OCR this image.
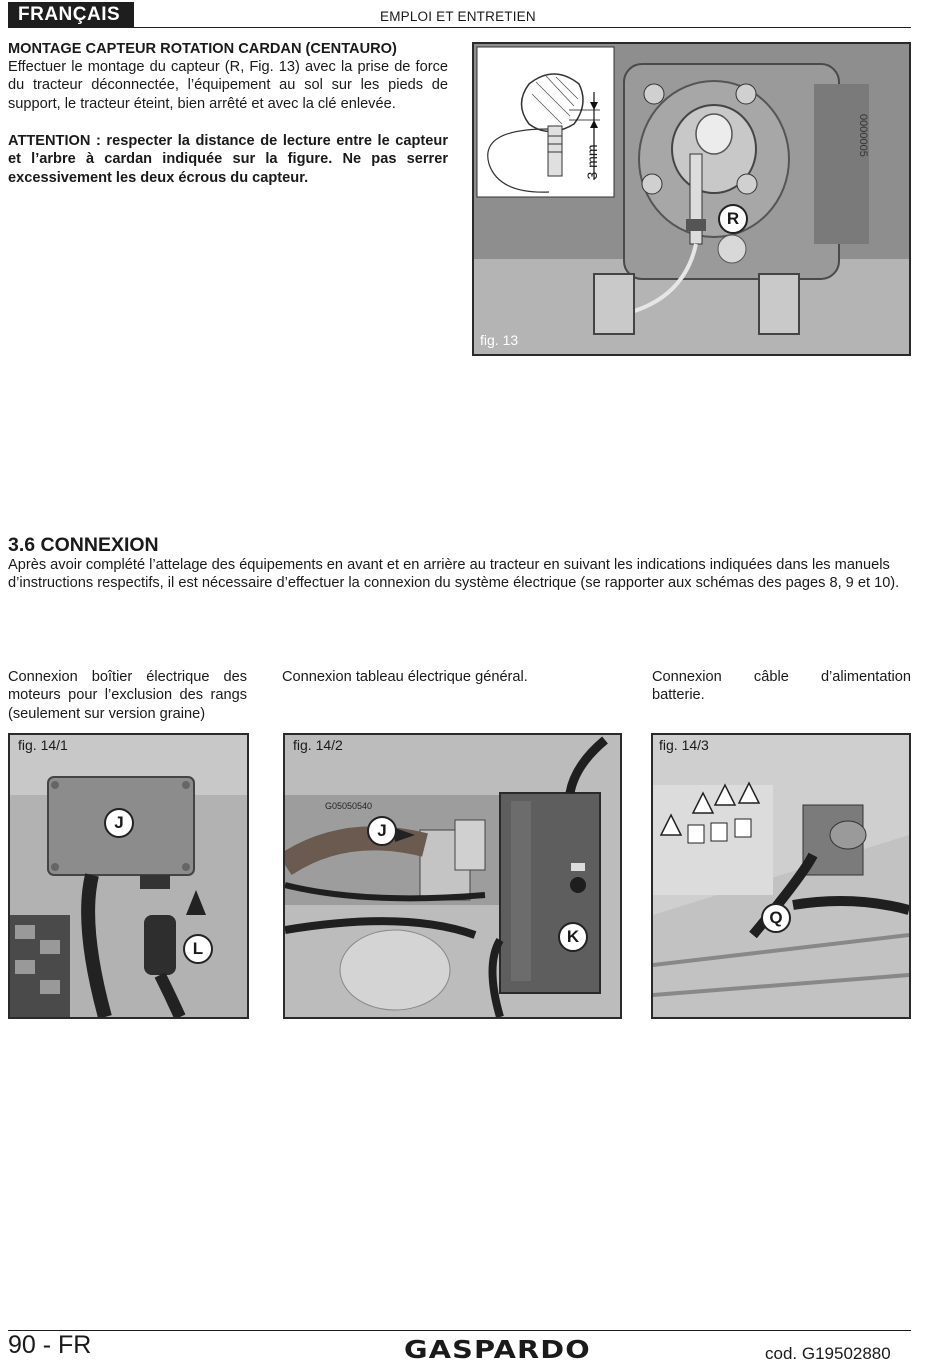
FRANÇAIS	EMPLOI ET ENTRETIEN
MONTAGE CAPTEUR ROTATION CARDAN (CENTAURO)
Effectuer le montage du capteur (R, Fig. 13) avec la prise de force du tracteur déconnectée, l’équipement au sol sur les pieds de support, le tracteur éteint, bien arrêté et avec la clé enlevée.
ATTENTION : respecter la distance de lecture entre le capteur et l’arbre à cardan indiquée sur la figure. Ne pas serrer excessivement les deux écrous du capteur.	3 mm
0000005
R
fig. 13
3.6 CONNEXION
Après avoir complété l’attelage des équipements en avant et en arrière au tracteur en suivant les indications indiquées dans les manuels d’instructions respectifs, il est nécessaire d’effectuer la connexion du système électrique (se rapporter aux schémas des pages 8, 9 et 10).
Connexion boîtier électrique des moteurs pour l’exclusion des rangs (seulement sur version graine)
Connexion tableau électrique général.	Connexion câble d’alimentation batterie.
J
L
fig. 14/1
G05050540
J
K
fig. 14/2
Q
fig. 14/3
90 - FR	GASPARDO	cod. G19502880
